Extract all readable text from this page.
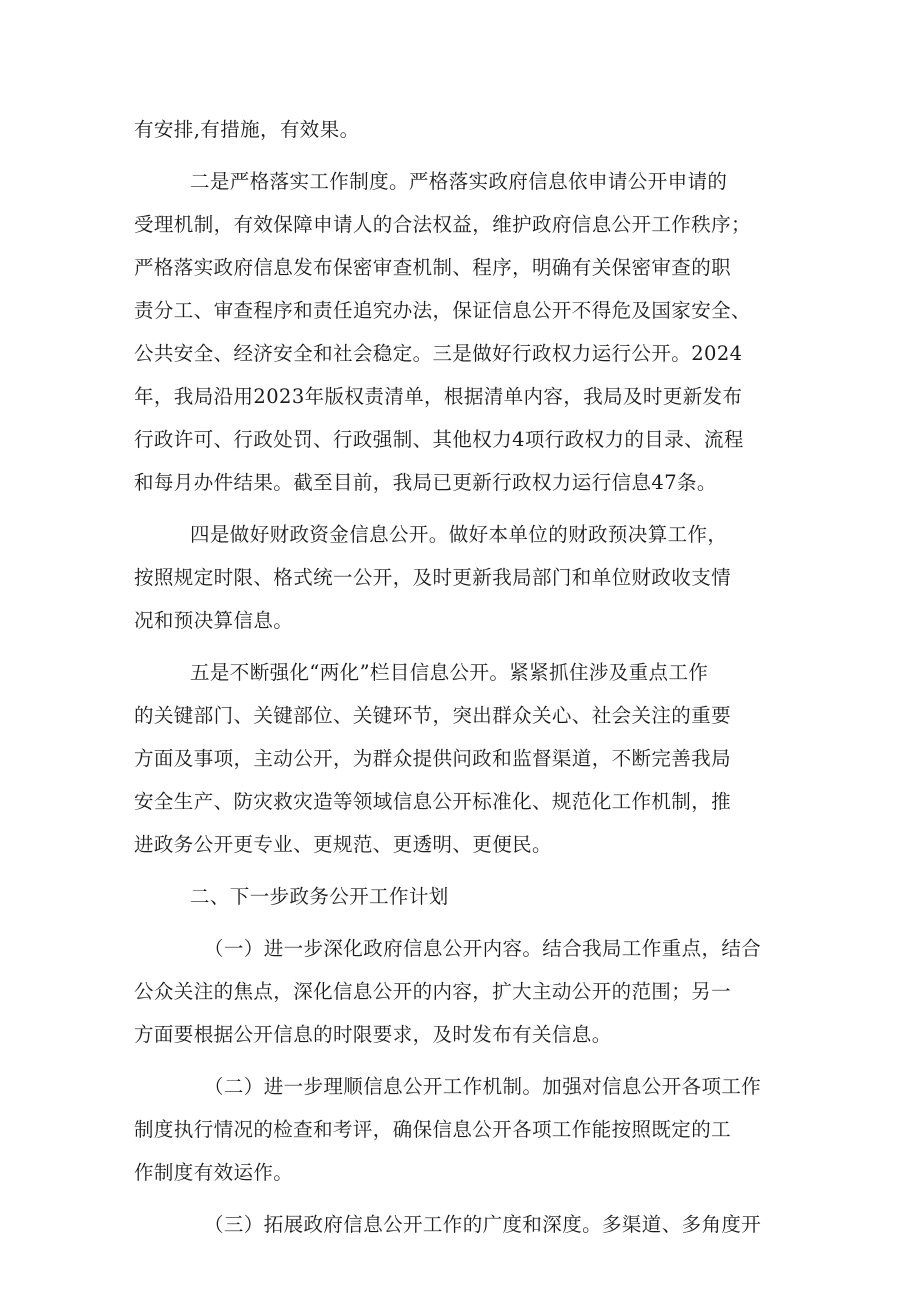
有安排,有措施，有效果。
二是严格落实工作制度。严格落实政府信息依申请公开申请的
受理机制，有效保障申请人的合法权益，维护政府信息公开工作秩序；
严格落实政府信息发布保密审查机制、程序，明确有关保密审查的职
责分工、审查程序和责任追究办法，保证信息公开不得危及国家安全、
公共安全、经济安全和社会稳定。三是做好行政权力运行公开。2024
年，我局沿用2023年版权责清单，根据清单内容，我局及时更新发布
行政许可、行政处罚、行政强制、其他权力4项行政权力的目录、流程
和每月办件结果。截至目前，我局已更新行政权力运行信息47条。
四是做好财政资金信息公开。做好本单位的财政预决算工作，
按照规定时限、格式统一公开，及时更新我局部门和单位财政收支情
况和预决算信息。
五是不断强化“两化”栏目信息公开。紧紧抓住涉及重点工作
的关键部门、关键部位、关键环节，突出群众关心、社会关注的重要
方面及事项，主动公开，为群众提供问政和监督渠道，不断完善我局
安全生产、防灾救灾造等领域信息公开标准化、规范化工作机制，推
进政务公开更专业、更规范、更透明、更便民。
二、下一步政务公开工作计划
（一）进一步深化政府信息公开内容。结合我局工作重点，结合
公众关注的焦点，深化信息公开的内容，扩大主动公开的范围；另一
方面要根据公开信息的时限要求，及时发布有关信息。
（二）进一步理顺信息公开工作机制。加强对信息公开各项工作
制度执行情况的检查和考评，确保信息公开各项工作能按照既定的工
作制度有效运作。
（三）拓展政府信息公开工作的广度和深度。多渠道、多角度开
